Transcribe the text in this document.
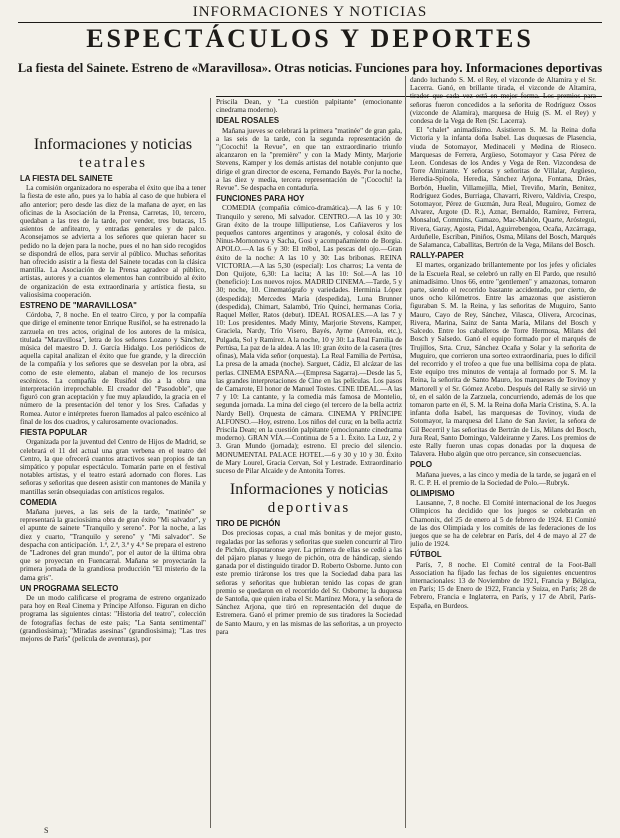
INFORMACIONES Y NOTICIAS
ESPECTÁCULOS Y DEPORTES
La fiesta del Sainete. Estreno de «Maravillosa». Otras noticias. Funciones para hoy. Informaciones deportivas
Informaciones y noticias
teatrales
LA FIESTA DEL SAINETE

La comisión organizadora no esperaba el éxito que iba a tener la fiesta de este año, pues ya lo había al caso de que hubiera el año anterior; pero desde las diez de la mañana de ayer, en las oficinas de la Asociación de la Prensa, Carretas, 10, tercero, quedaban a las tres de la tarde, por vender, tres butacas, 15 asientos de anfiteatro, y entradas generales y de palco. Aconsejamos se advierta a los señores que quieran hacer su pedido no la dejen para la noche, pues el no han sido recogidos se dispondrá de ellos, para servir al público. Muchas señoritas han ofrecido asistir a la fiesta del Sainete tocadas con la clásica mantilla. La Asociación de la Prensa agradece al público, artistas, autores y a cuantos elementos han contribuido al éxito de organización de esta extraordinaria y artística fiesta, su valiosísima cooperación.

ESTRENO DE "MARAVILLOSA"

Córdoba, 7, 8 noche. En el teatro Circo, y por la compañía que dirige el eminente tenor Enrique Rusiñol, se ha estrenado la zarzuela en tres actos, original de los autores de la música, titulada "Maravillosa", letra de los señores Lozano y Sánchez, música del maestro D. J. García Hidalgo. Los periódicos de aquella capital analizan el éxito que fue grande, y la dirección de la compañía y los señores que se desvelan por la obra, así como de este elemento, alaban el manejo de los recursos escénicos. La compañía de Rusiñol dio a la obra una interpretación irreprochable. El creador del "Pasodoble", que figuró con gran aceptación y fue muy aplaudido, la gracia en el número de la presentación del tenor y los Sres. Cañadas y Romea. Autor e intérpretes fueron llamados al palco escénico al final de los dos cuadros, y calurosamente ovacionados.

FIESTA POPULAR

Organizada por la juventud del Centro de Hijos de Madrid, se celebrará el 11 del actual una gran verbena en el teatro del Centro, la que ofrecerá cuantos atractivos sean propios de tan simpático y popular espectáculo. Tomarán parte en el festival notables artistas, y el teatro estará adornado con flores. Las señoras y señoritas que deseen asistir con mantones de Manila y mantillas serán obsequiadas con artísticos regalos.

COMEDIA

Mañana jueves, a las seis de la tarde, "matinée" se representará la graciosísima obra de gran éxito "Mi salvador", y el apunte de sainete "Tranquilo y sereno". Por la noche, a las diez y cuarto, "Tranquilo y sereno" y "Mi salvador". Se despacha con anticipación. 1.ª, 2.ª, 3.ª y 4.ª Se prepara el estreno de "Ladrones del gran mundo", por el autor de la última obra que se proyectan en Fuencarral. Mañana se proyectarán la primera jornada de la grandiosa producción "El misterio de la dama gris".

UN PROGRAMA SELECTO

De un modo calificarse el programa de estreno organizado para hoy en Real Cinema y Príncipe Alfonso. Figuran en dicho programa las siguientes cintas: "Historia del teatro", colección de fotografías fechas de este país; "La Santa sentimental" (grandiosísima); "Miradas asesinas" (grandiosísima); "Las tres mejores de París" (película de aventuras), por

Priscila Dean, y "La cuestión palpitante" (emocionante cinedrama moderno).

IDEAL ROSALES

Mañana jueves se celebrará la primera "matinée" de gran gala, a las seis de la tarde, con la segunda representación de "¡Cocochi! la Revue", en que tan extraordinario triunfo alcanzaron en la "première" y con la Mady Minty, Marjorie Stevens, Kamper y los demás artistas del notable conjunto que dirige el gran director de escena, Fernando Bayés. Por la noche, a las diez y media, tercera representación de "¡Cocochi! la Revue". Se despacha en contaduría.

FUNCIONES PARA HOY

COMEDIA (compañía cómico-dramática).—A las 6 y 10: Tranquilo y sereno, Mi salvador. CENTRO.—A las 10 y 30: Gran éxito de la troupe lilliputiense, Los Cañiaveros y los pequeños cantores argentinos y aragonés, y colosal éxito de Ninus-Mornonova y Sacha, Gosi y acompañamiento de Borgia. APOLO.—A las 6 y 30: El trébol, Las pescas del ojo.—Gran éxito de la noche: A las 10 y 30: Las bribonas. REINA VICTORIA.—A las 5,30 (especial): Los charros; La venta de Don Quijote, 6,30: La lacita; A las 10: Sol.—A las 10 (beneficio): Los nuevos rojos. MADRID CINEMA.—Tarde, 5 y 30; noche, 10. Cinematógrafo y variedades. Herminia López (despedida); Mercedes María (despedida), Luna Brunner (despedida), Chimart, Salambó, Trío Quinci, hermanas Coria, Raquel Meller, Ratos (debut). IDEAL ROSALES.—A las 7 y 10: Los presidentes. Mady Minty, Marjorie Stevens, Kamper, Graciela, Nardy, Trío Visero, Bayés, Ayme (Arreola, etc.), Pulgada, Sol y Ramírez. A la noche, 10 y 30: La Real Familia de Pertúsa, La paz de la aldea. A las 10: gran éxito de la casera (tres ofinas), Mala vida señor (orquesta). La Real Familia de Pertúsa, La presa de la amada (noche). Sarguet, Cádiz, El alcázar de las perlas. CINEMA ESPAÑA.—(Empresa Sagarra).—Desde las 5, las grandes interpretaciones de Cine en las películas. Los pasos de Camarote, El honor de Manuel Tostes. CINE IDEAL.—A las 7 y 10: La cantante, y la comedia más famosa de Montelio, segunda jornada. La mina del ciego (el tercero de la bella actriz Nardy Bell). Orquesta de cámara. CINEMA Y PRÍNCIPE ALFONSO.—Hoy, estreno. Los niños del cura; en la bella actriz Priscila Dean; en la cuestión palpitante (emocionante cinedrama moderno). GRAN VÍA.—Continua de 5 a 1. Éxito. La Luz, 2 y 3. Gran Mundo (jornada); estreno. El precio del silencio. MONUMENTAL PALACE HOTEL.—6 y 30 y 10 y 30. Éxito de Mary Lourel, Gracia Cervan, Sol y Lestrade. Extraordinario suceso de Pilar Alcaide y de Antonita Torres.

Informaciones y noticias
deportivas
TIRO DE PICHÓN

Dos preciosas copas, a cual más bonitas y de mejor gusto, regaladas por las señoras y señoritas que suelen concurrir al Tiro de Pichón, disputaronse ayer. La primera de ellas se cedió a las del pájaro planas y luego de pichón, otra de hándicap, siendo ganada por el distinguido tirador D. Roberto Osborne. Junto con este premio tiráronse los tres que la Sociedad daba para las señoras y señoritas que hubieran tenido las copas de gran premio se quedaron en el recorrido del Sr. Osborne; la duquesa de Santoña, que quien iraba el Sr. Martínez Mora, y la señora de Sánchez Arjona, que tiró en representación del duque de Estremera. Ganó el primer premio de sus tiradores la Sociedad de Santo Mauro, y en las mismas de las señoritas, a un proyecto para

dando luchando S. M. el Rey, el vizconde de Altamira y el Sr. Lacerra. Ganó, en brillante tirada, el vizconde de Altamira, tirador que cada vez está en mejor forma. Los premios para señoras fueron concedidos a la señorita de Rodríguez Ossos (vizconde de Alamira), marquesa de Huig (S. M. el Rey) y condesa de la Vega de Ren (Sr. Lacerra).

El "chalet" animadísimo. Asistieron S. M. la Reina doña Victoria y la infanta doña Isabel. Las duquesas de Plasencia, viuda de Sotomayor, Medinaceli y Medina de Rioseco. Marquesas de Ferrera, Argüeso, Sotomayor y Casa Pérez de Leon. Condesas de los Andes y Vega de Ren. Vizcondesa de Torre Almirante. Y señoras y señoritas de Villalar, Argüeso, Heredia-Spínola, Heredia, Sánchez Arjona, Fontana, Dráes, Borbón, Huelin, Villamejilla, Miel, Treviño, Marín, Benitez, Rodríguez Godes, Burriaga, Chavarri, Rivero, Valdivia, Crespo, Sotomayor, Pérez de Guzmán, Jura Real, Muguiro, Gomez de Alvarez, Argote (D. R.), Aznar, Bernaldo, Ramírez, Ferrera, Monsalud, Commins, Gamazo, Mac-Mahón, Quarte, Aróstegui, Rivera, Garay, Agosta, Pidal, Aguirrebengoa, Ocaña, Azcárraga, Arduñelle, Escriban, Piniños, Osma, Milans del Bosch, Marqués de Salamanca, Caballitas, Bertrón de la Vega, Milans del Bosch.

RALLY-PAPER

El martes, organizado brillantemente por los jefes y oficiales de la Escuela Real, se celebró un rally en El Pardo, que resultó animadísimo. Unos 66, entre "gentlemen" y amazonas, tomaron parte, siendo el recorrido bastante accidentado, por cierto, de unos ocho kilómetros. Entre las amazonas que asistieron figuraban S. M. la Reina, y las señoritas de Muguiro, Santo Mauro, Cayo de Rey, Sánchez, Vilasca, Olivera, Arcocinas, Rivera, Marina, Sainz de Santa María, Milans del Bosch y Salcedo. Entre los caballeros de Torre Hermosa, Milans del Bosch y Salsedo. Ganó el equipo formado por el marqués de Trujillos, Srta. Cruz, Sánchez Ocaña y Solar y la señorita de Muguiro, que corrieron una sorteo extraordinaria, pues lo difícil del recorrido y el trofeo a que fue una bellísima copa de plata. Este equipo tres minutos de ventaja al formado por S. M. la Reina, la señorita de Santo Mauro, los marqueses de Tovinoy y Martorell y el Sr. Gómez Acebo. Después del Rally se sirvió un té, en el salón de la Zarzuela, concurriendo, además de los que tomaron parte en él, S. M. la Reina doña María Cristina, S. A. la infanta doña Isabel, las marquesas de Tovinoy, viuda de Sotomayor, la marquesa del Llano de San Javier, la señora de Gil Becerril y las señoritas de Bertrán de Lis, Milans del Bosch, Jura Real, Santo Domingo, Valdeiranne y Zares. Los premios de este Rally fueron unas copas donadas por la duquesa de Talavera. Hubo algún que otro percance, sin consecuencias.

POLO

Mañana jueves, a las cinco y media de la tarde, se jugará en el R. C. P. H. el premio de la Sociedad de Polo.—Rubryk.

OLIMPISMO

Lausanne, 7, 8 noche. El Comité internacional de los Juegos Olímpicos ha decidido que los juegos se celebrarán en Chamonix, del 25 de enero al 5 de febrero de 1924. El Comité de las dos Olimpiada y los comités de las federaciones de los juegos que se ha de celebrar en París, del 4 de mayo al 27 de julio de 1924.

FÚTBOL

París, 7, 8 noche. El Comité central de la Foot-Ball Association ha fijado las fechas de los siguientes encuentros internacionales: 13 de Noviembre de 1921, Francia y Bélgica, en París; 15 de Enero de 1922, Francia y Suiza, en París; 28 de Febrero, Francia e Inglaterra, en París, y 17 de Abril, París-España, en Burdeos.

S
